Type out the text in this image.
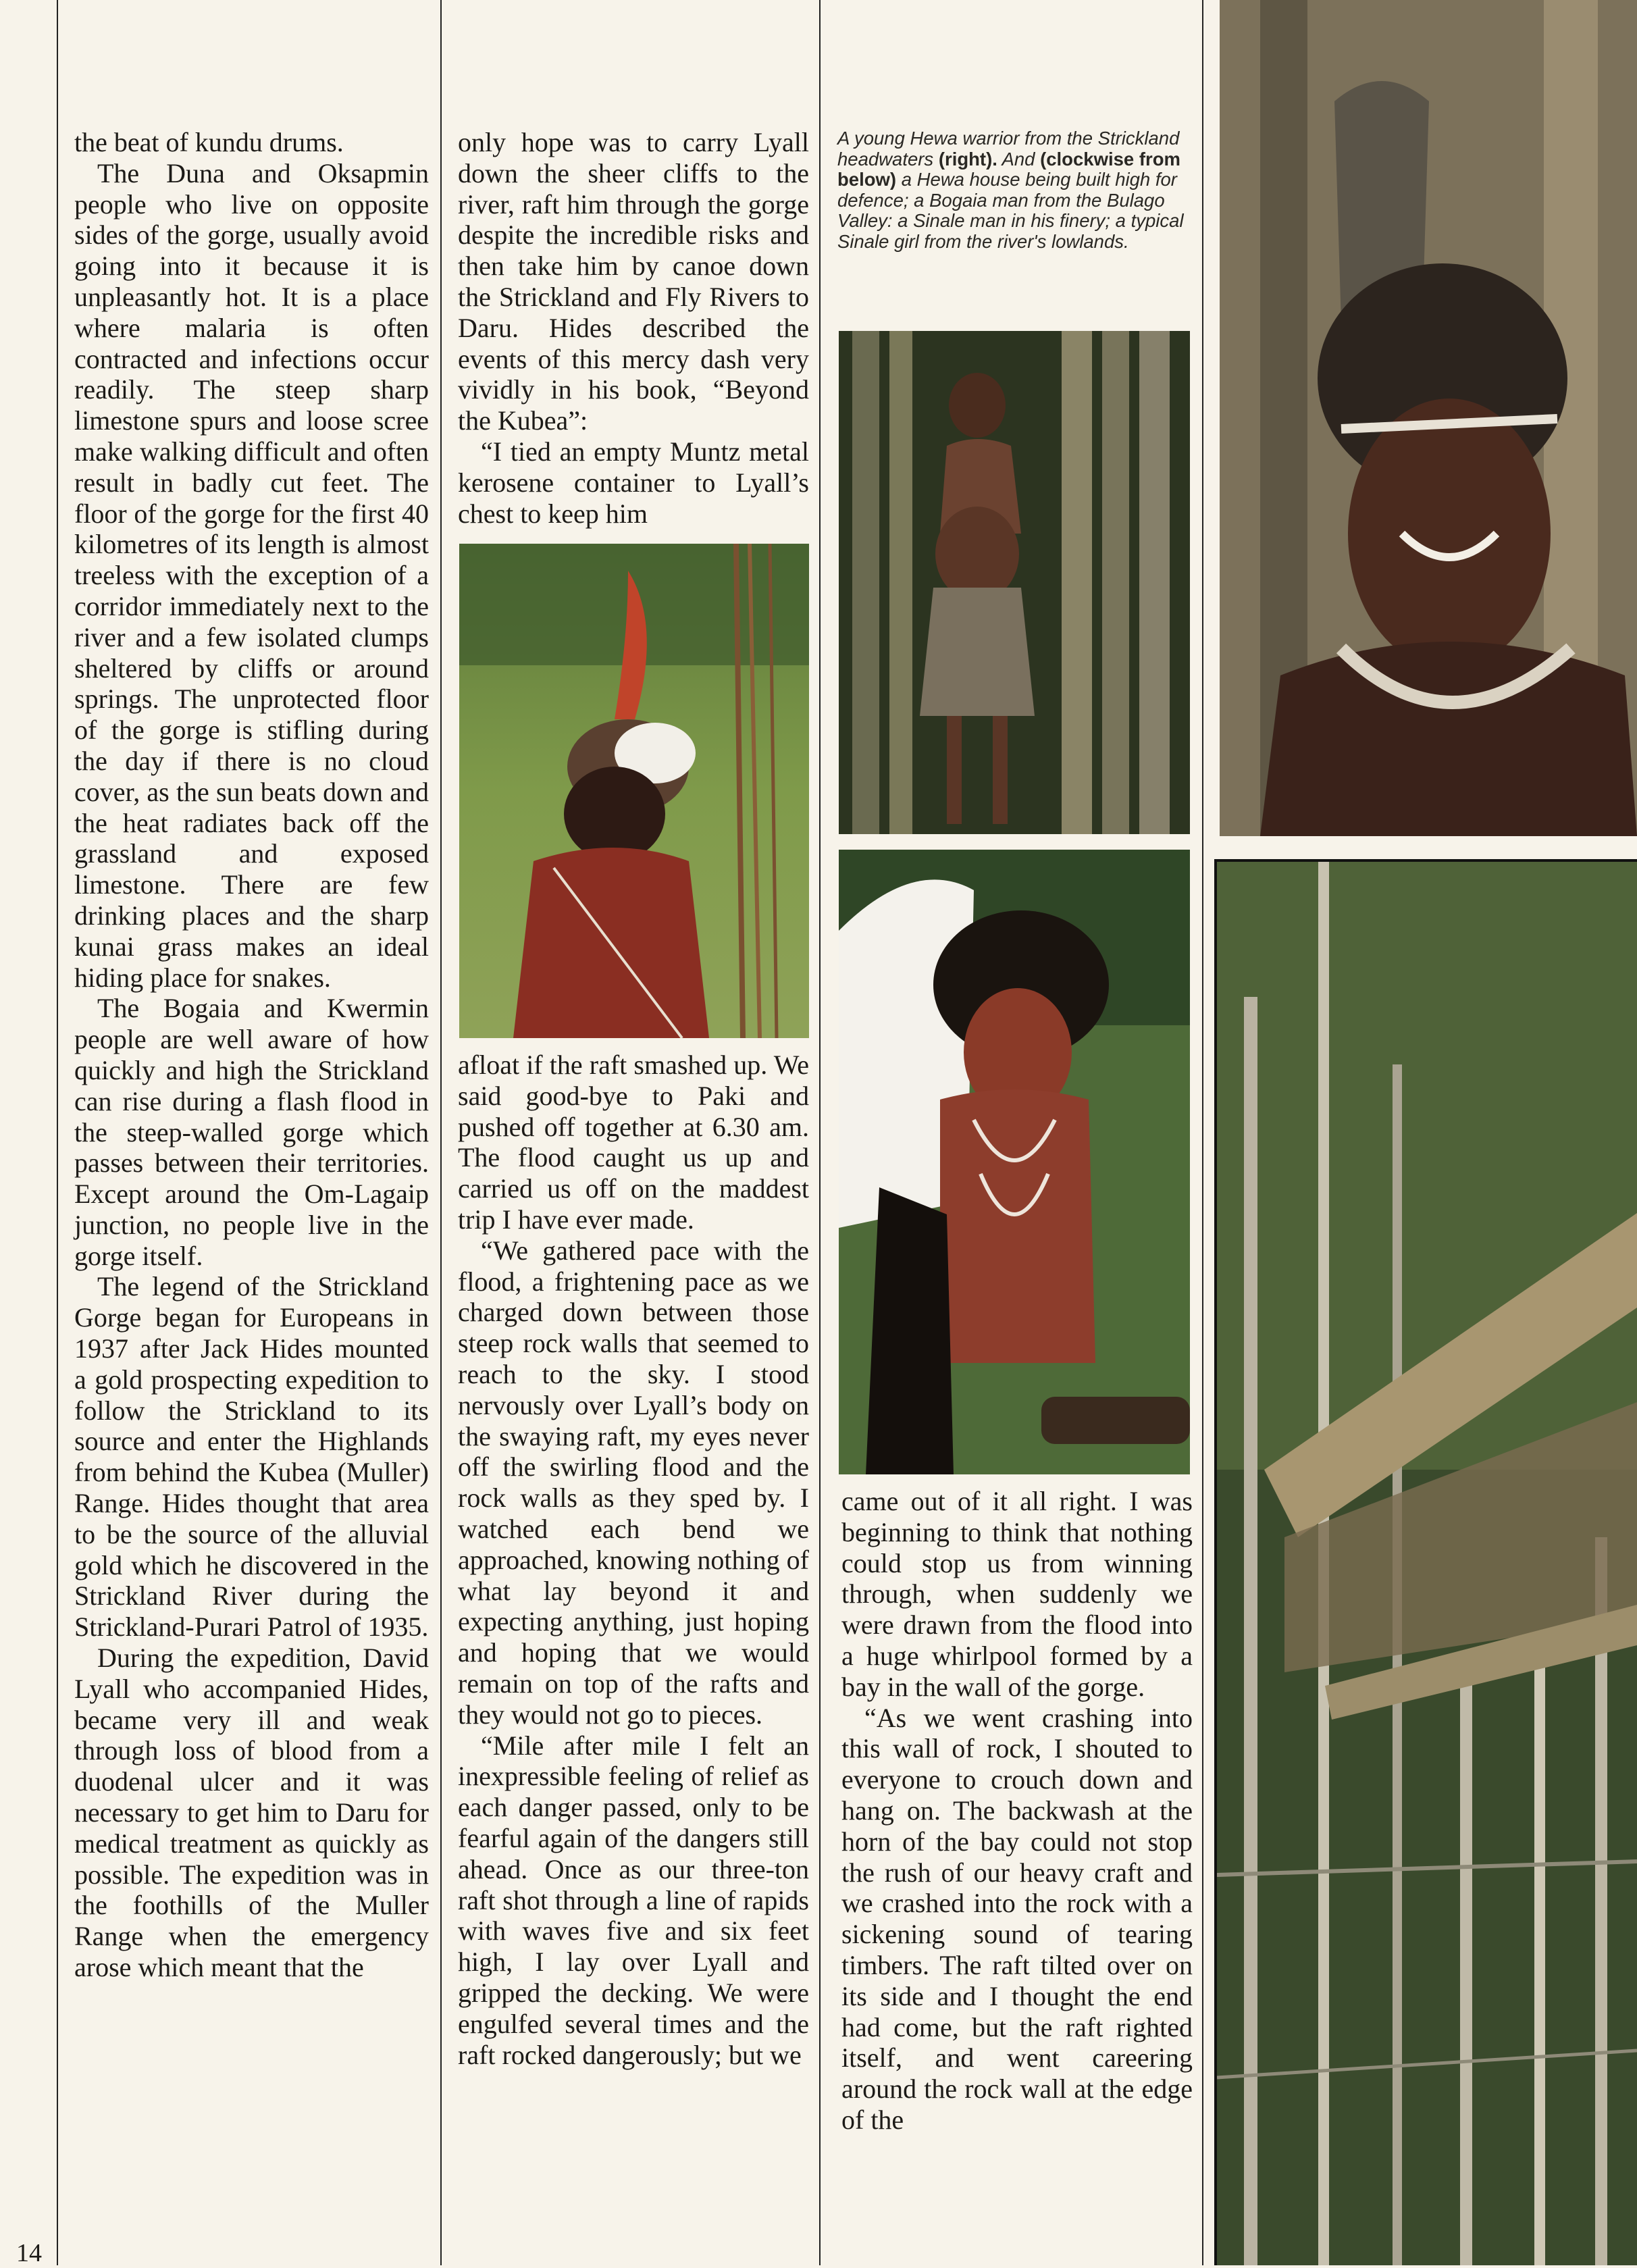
the beat of kundu drums.

The Duna and Oksapmin people who live on opposite sides of the gorge, usually avoid going into it because it is unpleasantly hot. It is a place where malaria is often contracted and infections occur readily. The steep sharp limestone spurs and loose scree make walking difficult and often result in badly cut feet. The floor of the gorge for the first 40 kilometres of its length is almost treeless with the exception of a corridor immediately next to the river and a few isolated clumps sheltered by cliffs or around springs. The unprotected floor of the gorge is stifling during the day if there is no cloud cover, as the sun beats down and the heat radiates back off the grassland and exposed limestone. There are few drinking places and the sharp kunai grass makes an ideal hiding place for snakes.

The Bogaia and Kwermin people are well aware of how quickly and high the Strickland can rise during a flash flood in the steep-walled gorge which passes between their territories. Except around the Om-Lagaip junction, no people live in the gorge itself.

The legend of the Strickland Gorge began for Europeans in 1937 after Jack Hides mounted a gold prospecting expedition to follow the Strickland to its source and enter the Highlands from behind the Kubea (Muller) Range. Hides thought that area to be the source of the alluvial gold which he discovered in the Strickland River during the Strickland-Purari Patrol of 1935.

During the expedition, David Lyall who accompanied Hides, became very ill and weak through loss of blood from a duodenal ulcer and it was necessary to get him to Daru for medical treatment as quickly as possible. The expedition was in the foothills of the Muller Range when the emergency arose which meant that the

only hope was to carry Lyall down the sheer cliffs to the river, raft him through the gorge despite the incredible risks and then take him by canoe down the Strickland and Fly Rivers to Daru. Hides described the events of this mercy dash very vividly in his book, “Beyond the Kubea”:

“I tied an empty Muntz metal kerosene container to Lyall’s chest to keep him

afloat if the raft smashed up. We said good-bye to Paki and pushed off together at 6.30 am. The flood caught us up and carried us off on the maddest trip I have ever made.

“We gathered pace with the flood, a frightening pace as we charged down between those steep rock walls that seemed to reach to the sky. I stood nervously over Lyall’s body on the swaying raft, my eyes never off the swirling flood and the rock walls as they sped by. I watched each bend we approached, knowing nothing of what lay beyond it and expecting anything, just hoping and hoping that we would remain on top of the rafts and they would not go to pieces.

“Mile after mile I felt an inexpressible feeling of relief as each danger passed, only to be fearful again of the dangers still ahead. Once as our three-ton raft shot through a line of rapids with waves five and six feet high, I lay over Lyall and gripped the decking. We were engulfed several times and the raft rocked dangerously; but we

A young Hewa warrior from the Strickland headwaters (right). And (clockwise from below) a Hewa house being built high for defence; a Bogaia man from the Bulago Valley: a Sinale man in his finery; a typical Sinale girl from the river's lowlands.

came out of it all right. I was beginning to think that nothing could stop us from winning through, when suddenly we were drawn from the flood into a huge whirlpool formed by a bay in the wall of the gorge.

“As we went crashing into this wall of rock, I shouted to everyone to crouch down and hang on. The backwash at the horn of the bay could not stop the rush of our heavy craft and we crashed into the rock with a sickening sound of tearing timbers. The raft tilted over on its side and I thought the end had come, but the raft righted itself, and went careering around the rock wall at the edge of the

14
